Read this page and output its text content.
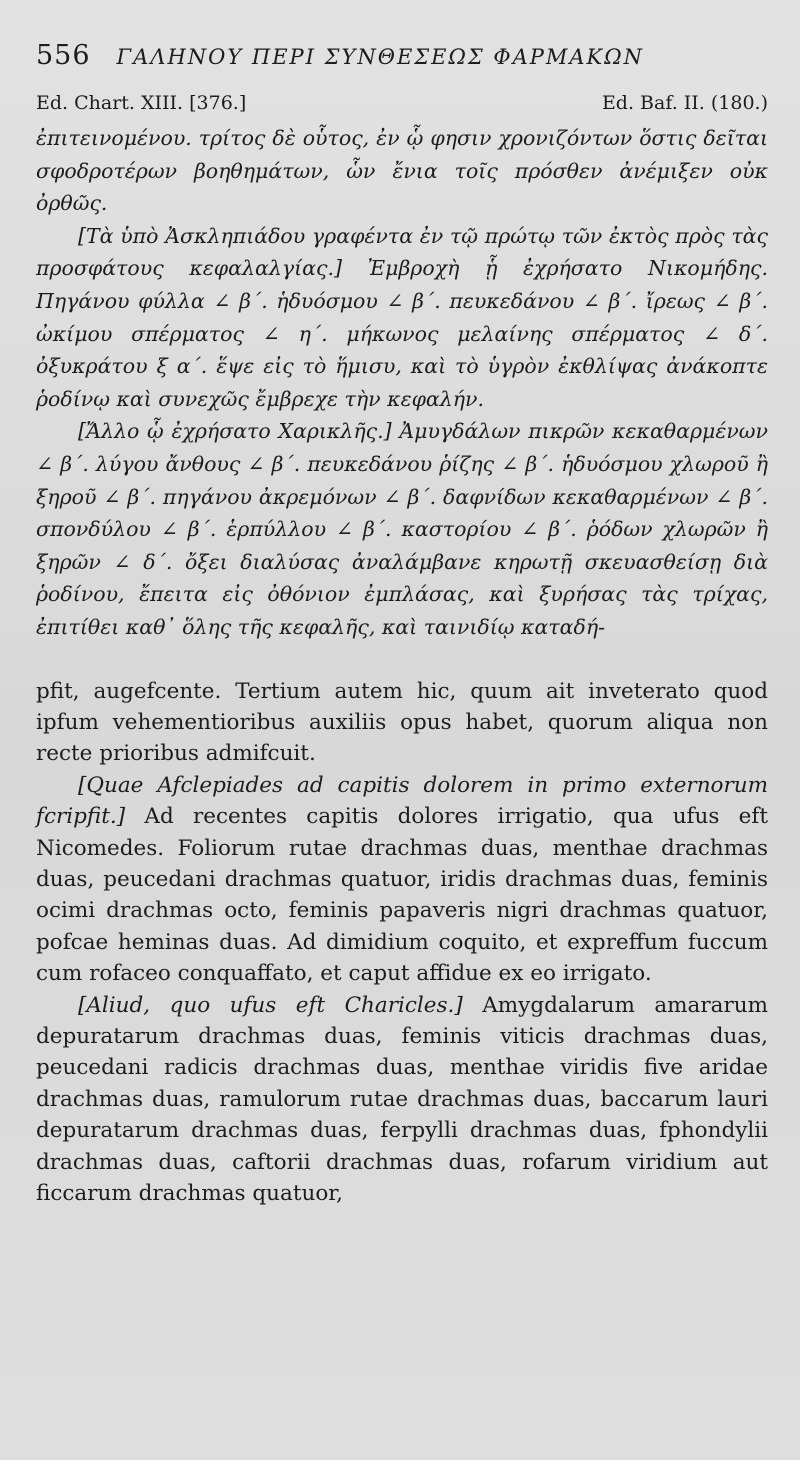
556 ΓΑΛΗΝΟΥ ΠΕΡΙ ΣΥΝΘΕΣΕΩΣ ΦΑΡΜΑΚΩΝ
Ed. Chart. XIII. [376.]	Ed. Baf. II. (180.)

ἐπιτεινομένου. τρίτος δὲ οὗτος, ἐν ᾧ φησιν χρονιζόντων ὅστις δεῖται σφοδροτέρων βοηθημάτων, ὧν ἔνια τοῖς πρόσθεν ἀνέμιξεν οὐκ ὀρθῶς.

[Τὰ ὑπὸ Ἀσκληπιάδου γραφέντα ἐν τῷ πρώτῳ τῶν ἐκτὸς πρὸς τὰς προσφάτους κεφαλαλγίας.] Ἐμβροχὴ ᾗ ἐχρήσατο Νικομήδης. Πηγάνου φύλλα ∠ β΄. ἡδυόσμου ∠ β΄. πευκεδάνου ∠ β΄. ἴρεως ∠ β΄. ὠκίμου σπέρματος ∠ η΄. μήκωνος μελαίνης σπέρματος ∠ δ΄. ὀξυκράτου ξ α΄. ἕψε εἰς τὸ ἥμισυ, καὶ τὸ ὑγρὸν ἐκθλίψας ἀνάκοπτε ῥοδίνῳ καὶ συνεχῶς ἔμβρεχε τὴν κεφαλήν.

[Ἄλλο ᾧ ἐχρήσατο Χαρικλῆς.] Ἀμυγδάλων πικρῶν κεκαθαρμένων ∠ β΄. λύγου ἄνθους ∠ β΄. πευκεδάνου ῥίζης ∠ β΄. ἡδυόσμου χλωροῦ ἢ ξηροῦ ∠ β΄. πηγάνου ἀκρεμόνων ∠ β΄. δαφνίδων κεκαθαρμένων ∠ β΄. σπονδύλου ∠ β΄. ἑρπύλλου ∠ β΄. καστορίου ∠ β΄. ῥόδων χλωρῶν ἢ ξηρῶν ∠ δ΄. ὄξει διαλύσας ἀναλάμβανε κηρωτῇ σκευασθείσῃ διὰ ῥοδίνου, ἔπειτα εἰς ὀθόνιον ἐμπλάσας, καὶ ξυρήσας τὰς τρίχας, ἐπιτίθει καθ᾽ ὅλης τῆς κεφαλῆς, καὶ ταινιδίῳ καταδή-

pfit, augefcente. Tertium autem hic, quum ait inveterato quod ipfum vehementioribus auxiliis opus habet, quorum aliqua non recte prioribus admifcuit.

[Quae Afclepiades ad capitis dolorem in primo externorum fcripfit.] Ad recentes capitis dolores irrigatio, qua ufus eft Nicomedes. Foliorum rutae drachmas duas, menthae drachmas duas, peucedani drachmas quatuor, iridis drachmas duas, feminis ocimi drachmas octo, feminis papaveris nigri drachmas quatuor, pofcae heminas duas. Ad dimidium coquito, et expreffum fuccum cum rofaceo conquaffato, et caput affidue ex eo irrigato.

[Aliud, quo ufus eft Charicles.] Amygdalarum amararum depuratarum drachmas duas, feminis viticis drachmas duas, peucedani radicis drachmas duas, menthae viridis five aridae drachmas duas, ramulorum rutae drachmas duas, baccarum lauri depuratarum drachmas duas, ferpylli drachmas duas, fphondylii drachmas duas, caftorii drachmas duas, rofarum viridium aut ficcarum drachmas quatuor,
